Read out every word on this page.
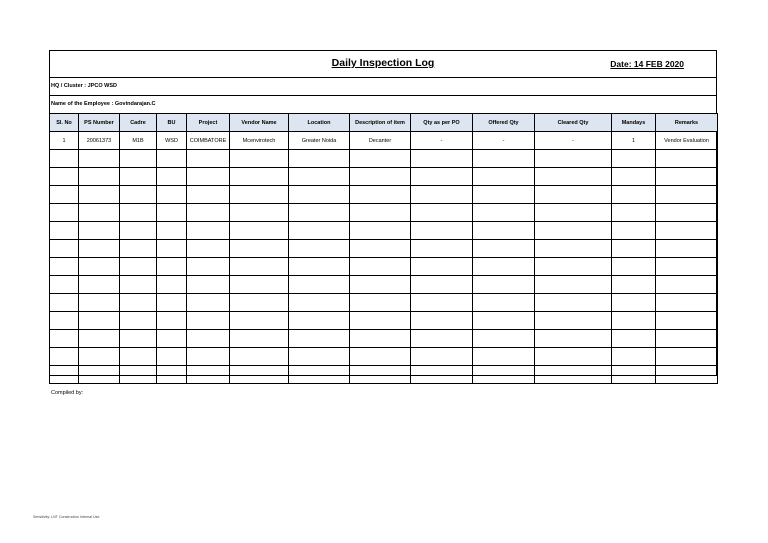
Daily Inspection Log	Date: 14 FEB 2020
HQ / Cluster : JPCO WSD
Name of the Employee : Govindarajan.C
Sl. No	PS Number	Cadre	BU	Project	Vendor Name	Location	Description of item	Qty as per PO	Offered Qty	Cleared Qty	Mandays	Remarks
1	20061373	M1B	WSD	COIMBATORE	Mcenvirotech	Greater Noida	Decanter	-	-	-	1	Vendor Evaluation

Compiled by:
Sensitivity: LNT Construction Internal Use
